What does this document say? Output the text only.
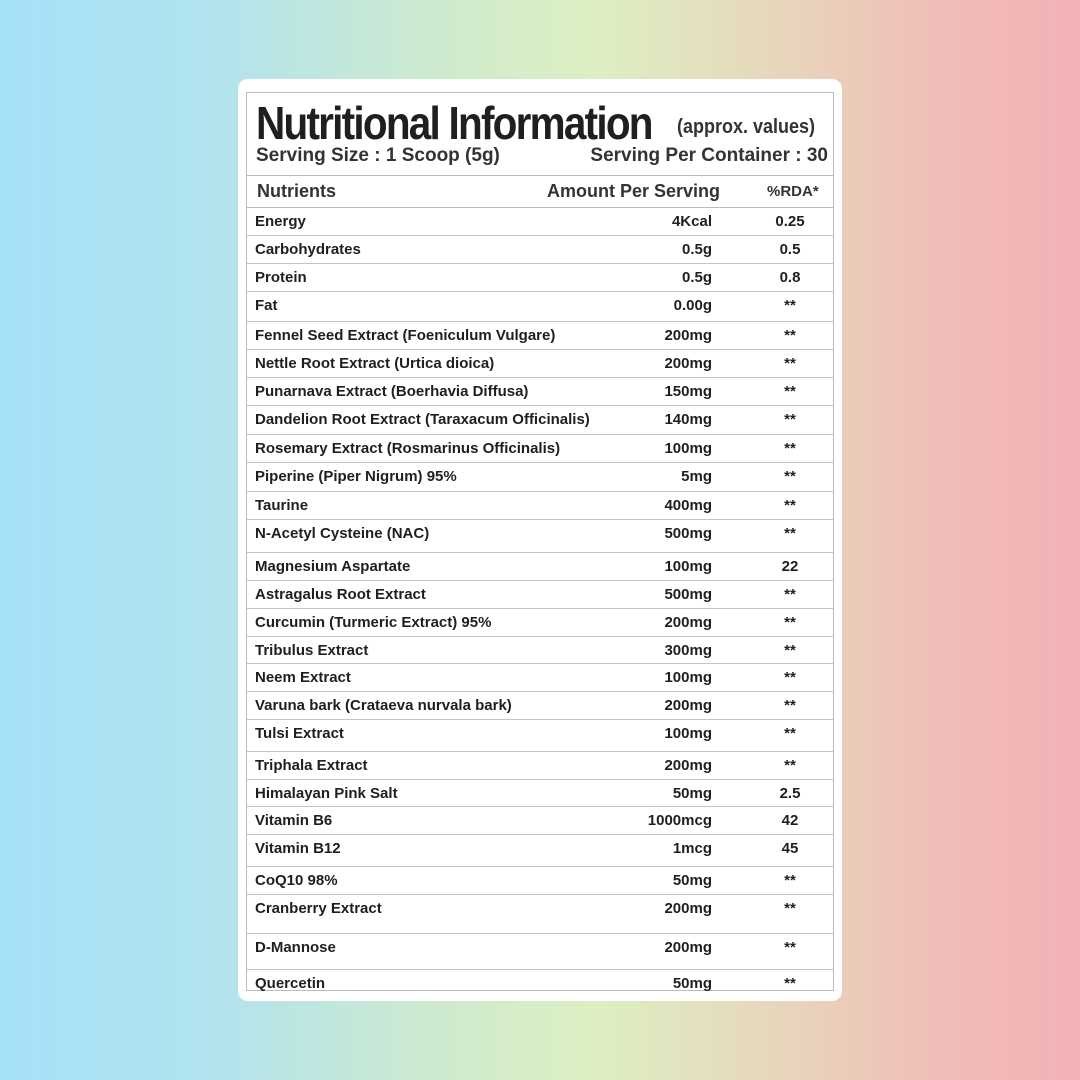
Nutritional Information (approx. values)
Serving Size : 1 Scoop (5g)	Serving Per Container : 30
Nutrients	Amount Per Serving	%RDA*
Energy	4Kcal	0.25
Carbohydrates	0.5g	0.5
Protein	0.5g	0.8
Fat	0.00g	**
Fennel Seed Extract (Foeniculum Vulgare)	200mg	**
Nettle Root Extract (Urtica dioica)	200mg	**
Punarnava Extract (Boerhavia Diffusa)	150mg	**
Dandelion Root Extract (Taraxacum Officinalis)	140mg	**
Rosemary Extract (Rosmarinus Officinalis)	100mg	**
Piperine (Piper Nigrum) 95%	5mg	**
Taurine	400mg	**
N-Acetyl Cysteine (NAC)	500mg	**
Magnesium Aspartate	100mg	22
Astragalus Root Extract	500mg	**
Curcumin (Turmeric Extract) 95%	200mg	**
Tribulus Extract	300mg	**
Neem Extract	100mg	**
Varuna bark (Crataeva nurvala bark)	200mg	**
Tulsi Extract	100mg	**
Triphala Extract	200mg	**
Himalayan Pink Salt	50mg	2.5
Vitamin B6	1000mcg	42
Vitamin B12	1mcg	45
CoQ10 98%	50mg	**
Cranberry Extract	200mg	**
D-Mannose	200mg	**
Quercetin	50mg	**
